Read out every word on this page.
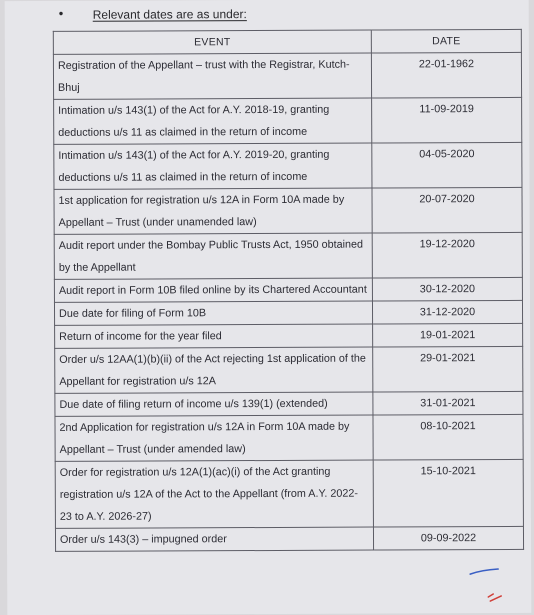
• Relevant dates are as under:
EVENT	DATE
Registration of the Appellant – trust with the Registrar, Kutch-Bhuj	22-01-1962
Intimation u/s 143(1) of the Act for A.Y. 2018-19, granting deductions u/s 11 as claimed in the return of income	11-09-2019
Intimation u/s 143(1) of the Act for A.Y. 2019-20, granting deductions u/s 11 as claimed in the return of income	04-05-2020
1st application for registration u/s 12A in Form 10A made by Appellant – Trust (under unamended law)	20-07-2020
Audit report under the Bombay Public Trusts Act, 1950 obtained by the Appellant	19-12-2020
Audit report in Form 10B filed online by its Chartered Accountant	30-12-2020
Due date for filing of Form 10B	31-12-2020
Return of income for the year filed	19-01-2021
Order u/s 12AA(1)(b)(ii) of the Act rejecting 1st application of the Appellant for registration u/s 12A	29-01-2021
Due date of filing return of income u/s 139(1) (extended)	31-01-2021
2nd Application for registration u/s 12A in Form 10A made by Appellant – Trust (under amended law)	08-10-2021
Order for registration u/s 12A(1)(ac)(i) of the Act granting registration u/s 12A of the Act to the Appellant (from A.Y. 2022-23 to A.Y. 2026-27)	15-10-2021
Order u/s 143(3) – impugned order	09-09-2022
